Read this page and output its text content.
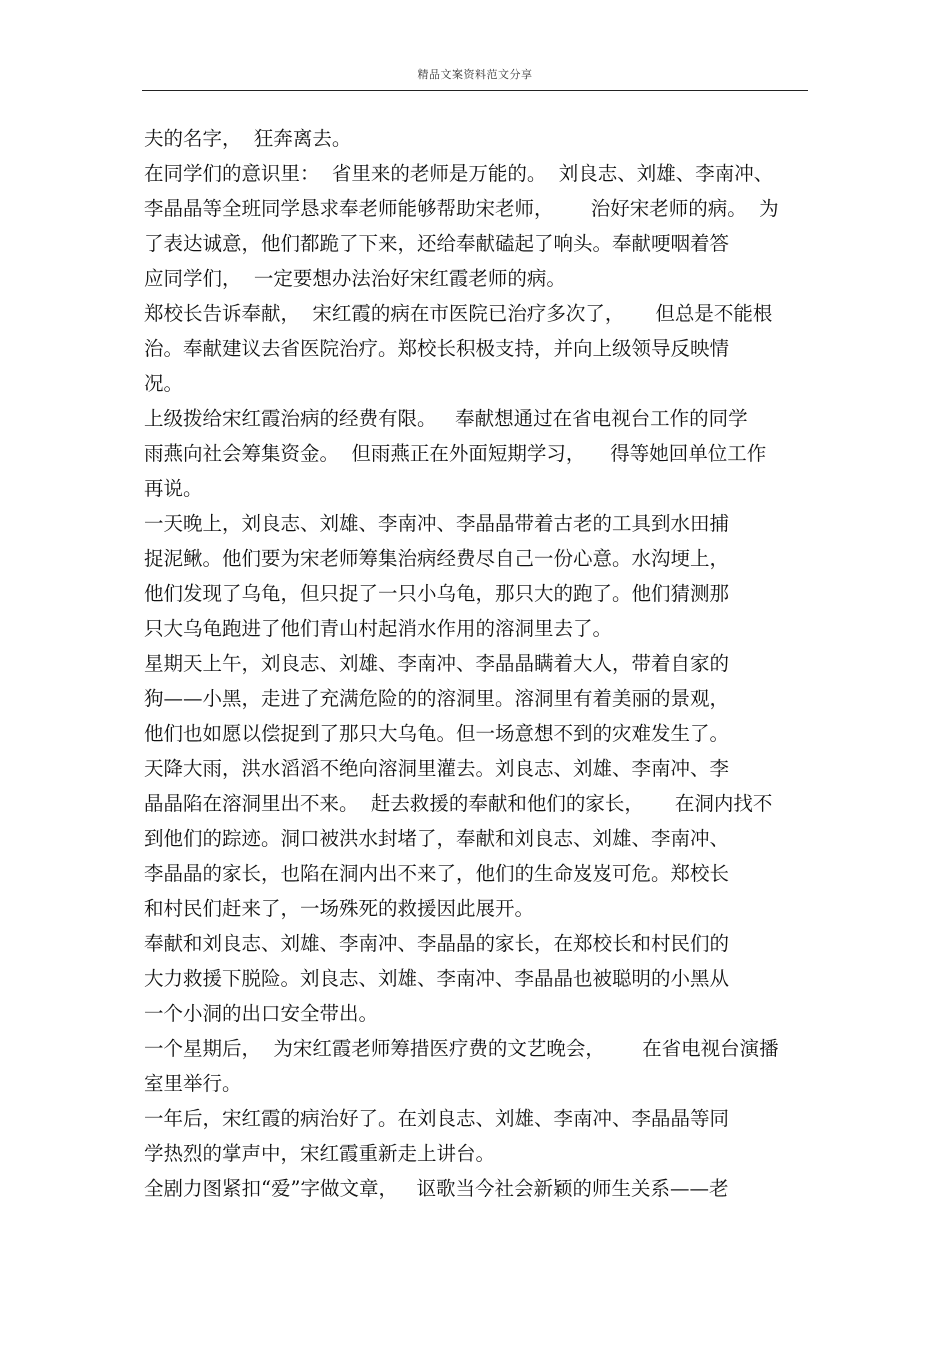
精品文案资料范文分享
夫的名字，  狂奔离去。
在同学们的意识里：  省里来的老师是万能的。  刘良志、刘雄、李南冲、
李晶晶等全班同学恳求奉老师能够帮助宋老师，      治好宋老师的病。  为
了表达诚意，他们都跪了下来，还给奉献磕起了响头。奉献哽咽着答
应同学们，  一定要想办法治好宋红霞老师的病。
郑校长告诉奉献，  宋红霞的病在市医院已治疗多次了，     但总是不能根
治。奉献建议去省医院治疗。郑校长积极支持，并向上级领导反映情
况。
上级拨给宋红霞治病的经费有限。   奉献想通过在省电视台工作的同学
雨燕向社会筹集资金。  但雨燕正在外面短期学习，    得等她回单位工作
再说。
一天晚上，刘良志、刘雄、李南冲、李晶晶带着古老的工具到水田捕
捉泥鳅。他们要为宋老师筹集治病经费尽自己一份心意。水沟埂上，
他们发现了乌龟，但只捉了一只小乌龟，那只大的跑了。他们猜测那
只大乌龟跑进了他们青山村起消水作用的溶洞里去了。
星期天上午，刘良志、刘雄、李南冲、李晶晶瞒着大人，带着自家的
狗——小黑，走进了充满危险的的溶洞里。溶洞里有着美丽的景观，
他们也如愿以偿捉到了那只大乌龟。但一场意想不到的灾难发生了。
天降大雨，洪水滔滔不绝向溶洞里灌去。刘良志、刘雄、李南冲、李
晶晶陷在溶洞里出不来。  赶去救援的奉献和他们的家长，     在洞内找不
到他们的踪迹。洞口被洪水封堵了，奉献和刘良志、刘雄、李南冲、
李晶晶的家长，也陷在洞内出不来了，他们的生命岌岌可危。郑校长
和村民们赶来了，一场殊死的救援因此展开。
奉献和刘良志、刘雄、李南冲、李晶晶的家长，在郑校长和村民们的
大力救援下脱险。刘良志、刘雄、李南冲、李晶晶也被聪明的小黑从
一个小洞的出口安全带出。
一个星期后，  为宋红霞老师筹措医疗费的文艺晚会，      在省电视台演播
室里举行。
一年后，宋红霞的病治好了。在刘良志、刘雄、李南冲、李晶晶等同
学热烈的掌声中，宋红霞重新走上讲台。
全剧力图紧扣“爱”字做文章，   讴歌当今社会新颖的师生关系——老
